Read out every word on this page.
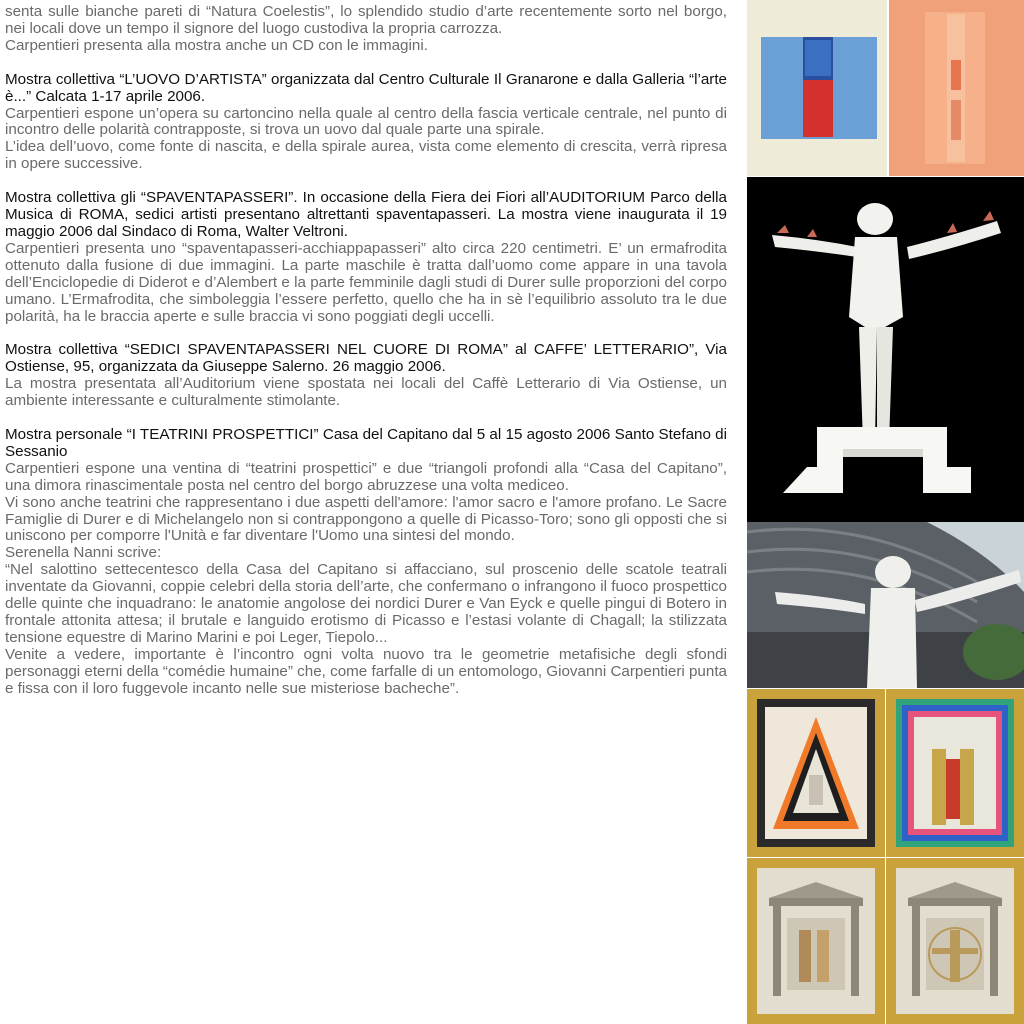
senta sulle bianche pareti di “Natura Coelestis”, lo splendido studio d’arte recentemente sorto nel borgo, nei locali dove un tempo il signore del luogo custodiva la propria carrozza.

Carpentieri presenta alla mostra anche un CD con le immagini.

Mostra collettiva “L’UOVO D’ARTISTA” organizzata dal Centro Culturale Il Granarone e dalla Galleria “l’arte è...” Calcata 1-17 aprile 2006.

Carpentieri espone un’opera su cartoncino nella quale al centro della fascia verticale centrale, nel punto di incontro delle polarità contrapposte, si trova un uovo dal quale parte una spirale.

L’idea dell’uovo, come fonte di nascita, e della spirale aurea, vista come elemento di crescita, verrà ripresa in opere successive.

Mostra collettiva gli “SPAVENTAPASSERI”. In occasione della Fiera dei Fiori all’AUDITORIUM Parco della Musica di ROMA, sedici artisti presentano altrettanti spaventapasseri. La mostra viene inaugurata il 19 maggio 2006 dal Sindaco di Roma, Walter Veltroni.

Carpentieri presenta uno “spaventapasseri-acchiappapasseri” alto circa 220 centimetri. E’ un ermafrodita ottenuto dalla fusione di due immagini. La parte maschile è tratta dall’uomo come appare in una tavola dell’Enciclopedie di Diderot e d’Alembert e la parte femminile dagli studi di Durer sulle proporzioni del corpo umano. L’Ermafrodita, che simboleggia l’essere perfetto, quello che ha in sè l’equilibrio assoluto tra le due polarità, ha le braccia aperte e sulle braccia vi sono poggiati degli uccelli.

Mostra collettiva “SEDICI SPAVENTAPASSERI NEL CUORE DI ROMA” al CAFFE’ LETTERARIO”, Via Ostiense, 95, organizzata da Giuseppe Salerno. 26 maggio 2006.

La mostra presentata all’Auditorium viene spostata nei locali del Caffè Letterario di Via Ostiense, un ambiente interessante e culturalmente stimolante.

Mostra personale “I TEATRINI PROSPETTICI” Casa del Capitano dal 5 al 15 agosto 2006 Santo Stefano di Sessanio

Carpentieri espone una ventina di “teatrini prospettici” e due “triangoli profondi alla “Casa del Capitano”, una dimora rinascimentale posta nel centro del borgo abruzzese una volta mediceo.

Vi sono anche teatrini che rappresentano i due aspetti dell'amore: l'amor sacro e l'amore profano. Le Sacre Famiglie di Durer e di Michelangelo non si contrappongono a quelle di Picasso-Toro; sono gli opposti che si uniscono per comporre l'Unità e far diventare l'Uomo una sintesi del mondo.

Serenella Nanni scrive:

“Nel salottino settecentesco della Casa del Capitano si affacciano, sul proscenio delle scatole teatrali inventate da Giovanni, coppie celebri della storia dell’arte, che confermano o infrangono il fuoco prospettico delle quinte che inquadrano: le anatomie angolose dei nordici Durer e Van Eyck e quelle pingui di Botero in frontale attonita attesa; il brutale e languido erotismo di Picasso e l’estasi volante di Chagall; la stilizzata tensione equestre di Marino Marini e poi Leger, Tiepolo...

Venite a vedere, importante è l’incontro ogni volta nuovo tra le geometrie metafisiche degli sfondi personaggi eterni della “comédie humaine” che, come farfalle di un entomologo, Giovanni Carpentieri punta e fissa con il loro fuggevole incanto nelle sue misteriose bacheche”.
